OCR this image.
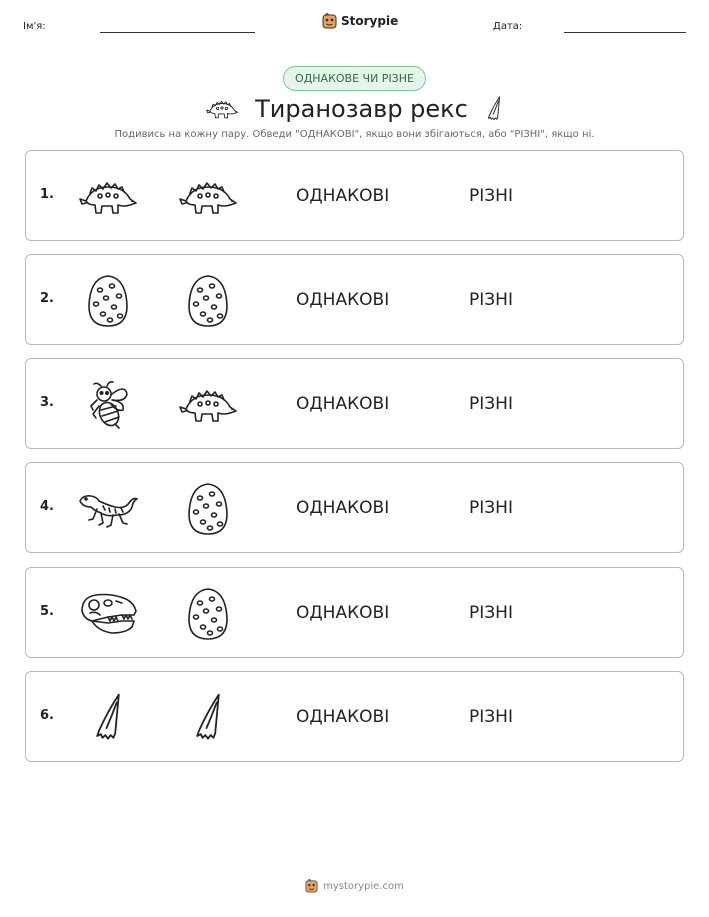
Ім'я:	Storypie	Дата:
ОДНАКОВЕ ЧИ РІЗНЕ
Тиранозавр рекс
Подивись на кожну пару. Обведи "ОДНАКОВІ", якщо вони збігаються, або "РІЗНІ", якщо ні.
1.	ОДНАКОВІ	РІЗНІ
2.	ОДНАКОВІ	РІЗНІ
3.	ОДНАКОВІ	РІЗНІ
4.	ОДНАКОВІ	РІЗНІ
5.	ОДНАКОВІ	РІЗНІ
6.	ОДНАКОВІ	РІЗНІ
mystorypie.com
